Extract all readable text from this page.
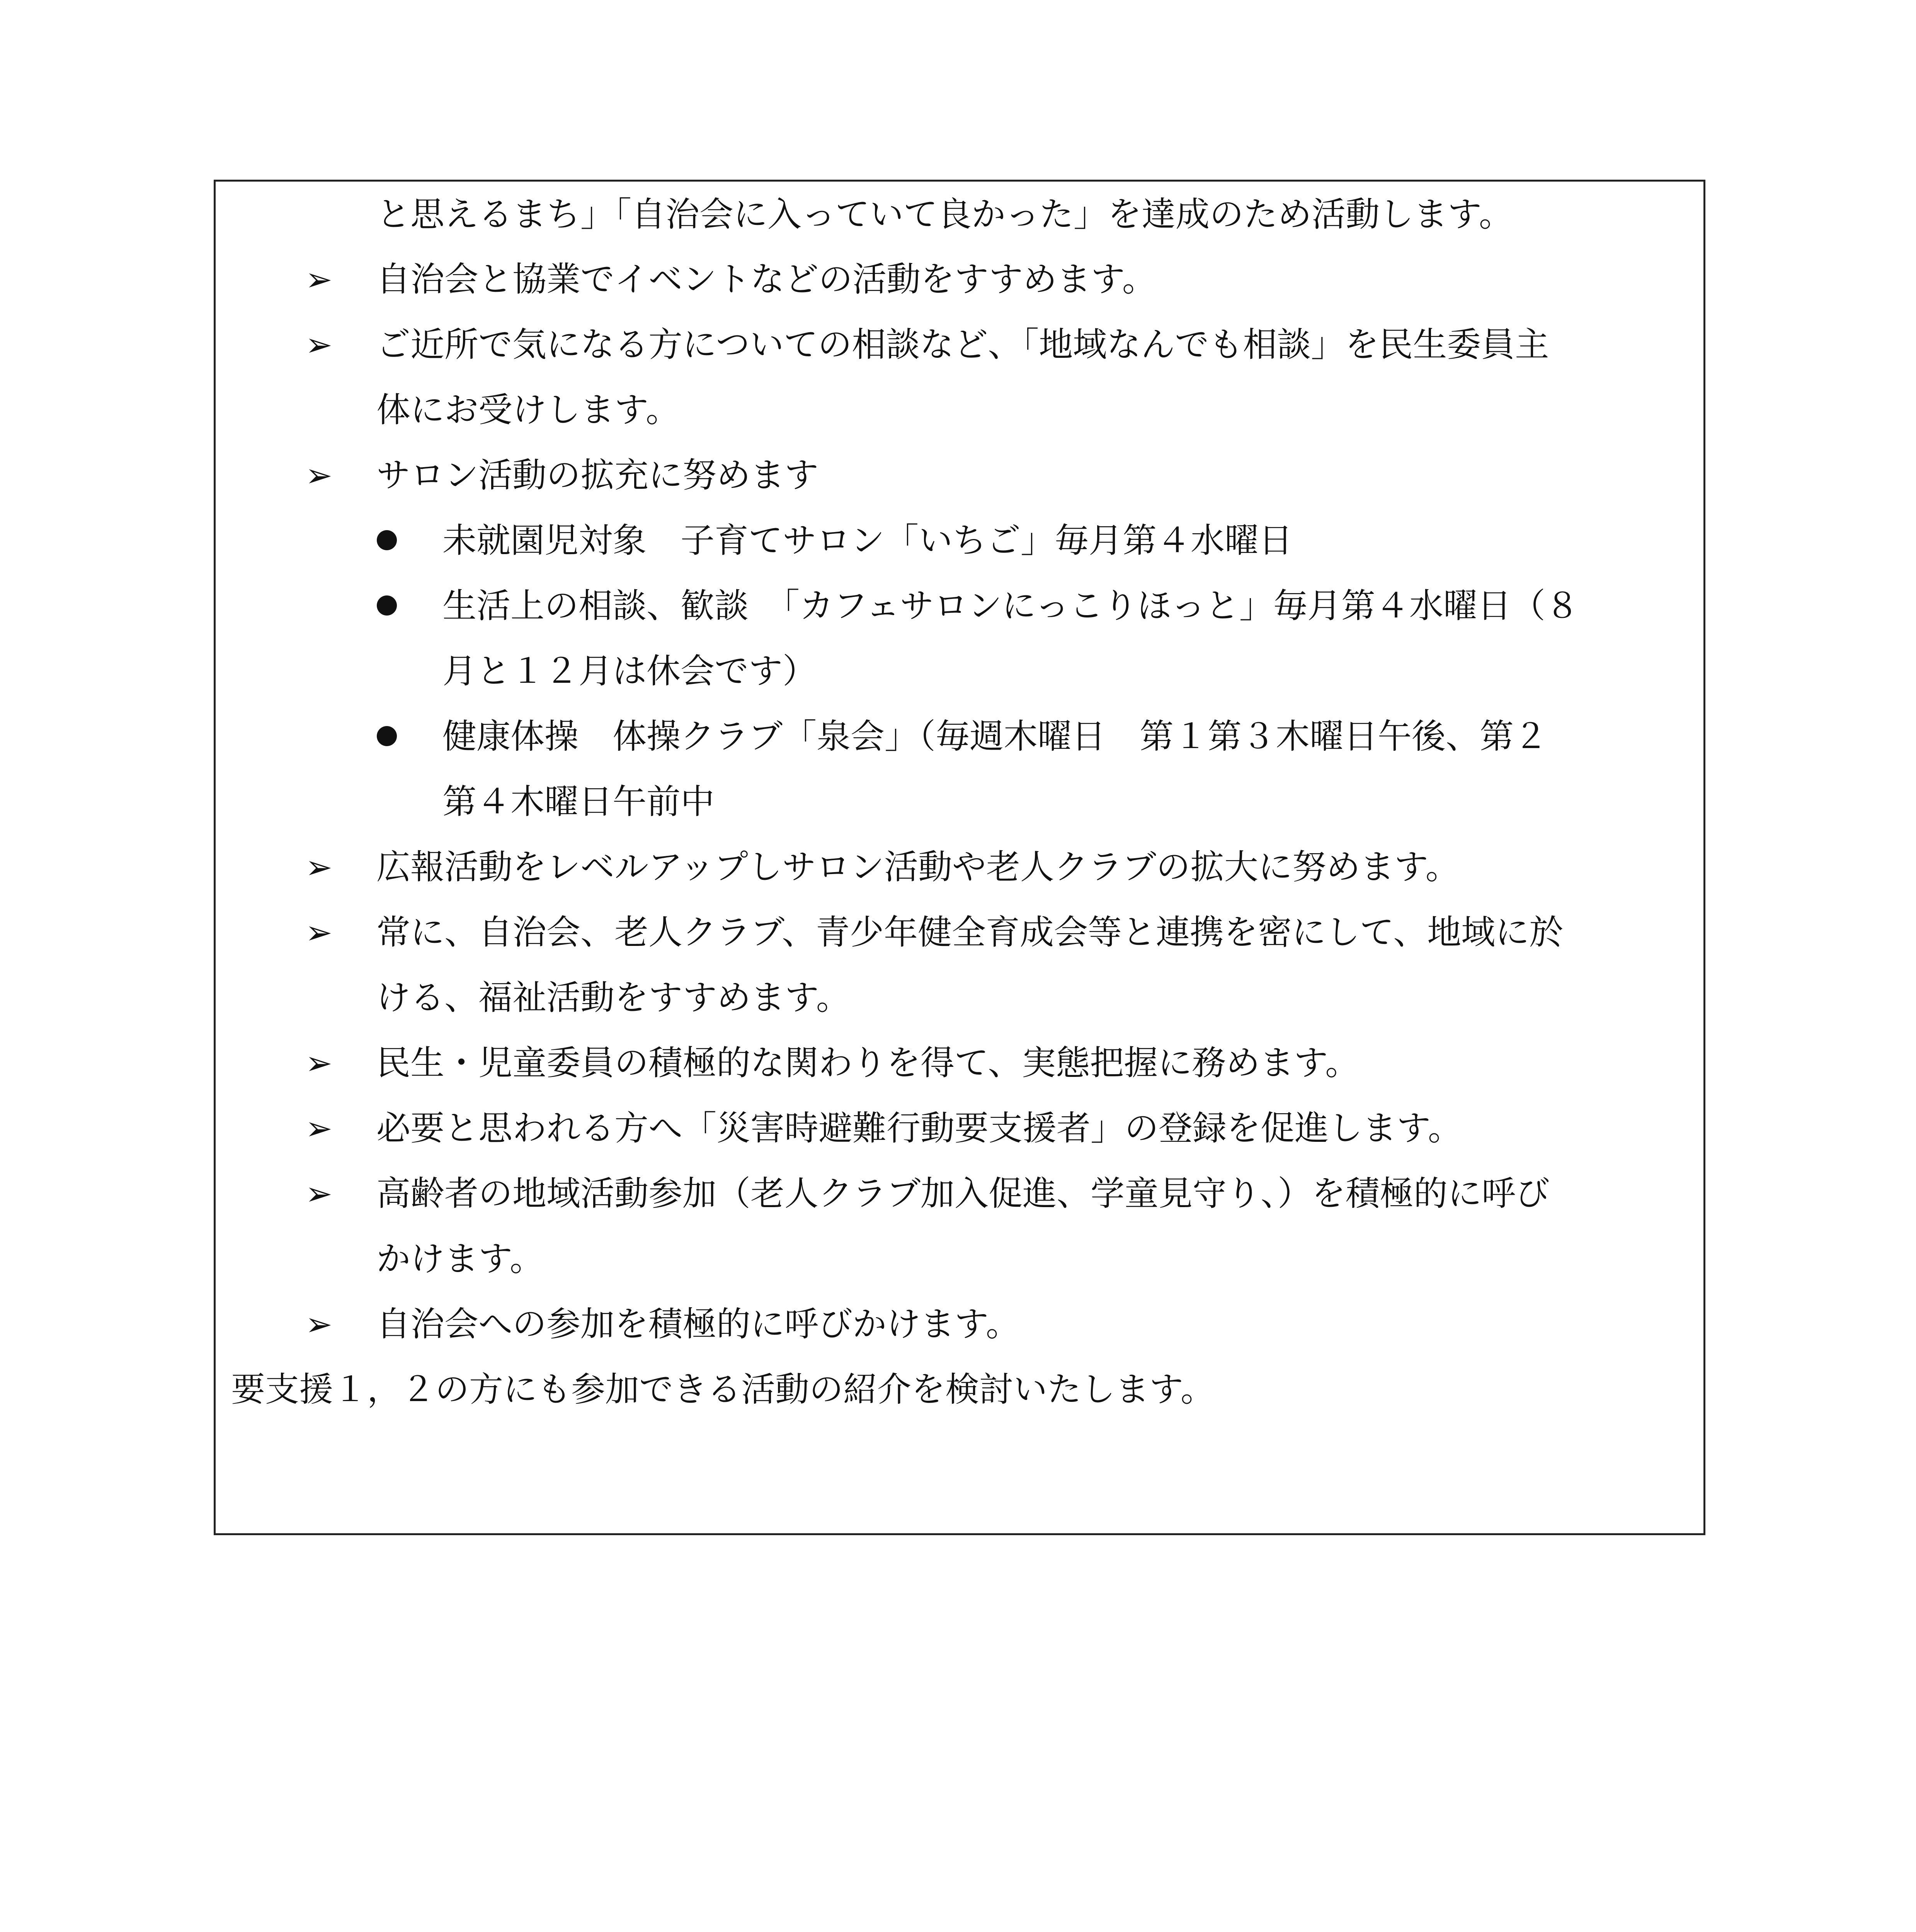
と思えるまち」「自治会に入っていて良かった」を達成のため活動します。
➢ 自治会と協業でイベントなどの活動をすすめます。
➢ ご近所で気になる方についての相談など、「地域なんでも相談」を民生委員主
体にお受けします。
➢ サロン活動の拡充に努めます
未就園児対象　子育てサロン「いちご」毎月第４水曜日
生活上の相談、歓談　「カフェサロンにっこりほっと」毎月第４水曜日（８
月と１２月は休会です）
健康体操　体操クラブ「泉会」（毎週木曜日　第１第３木曜日午後、第２
第４木曜日午前中
➢ 広報活動をレベルアップしサロン活動や老人クラブの拡大に努めます。
➢ 常に、自治会、老人クラブ、青少年健全育成会等と連携を密にして、地域に於
ける、福祉活動をすすめます。
➢ 民生・児童委員の積極的な関わりを得て、実態把握に務めます。
➢ 必要と思われる方へ「災害時避難行動要支援者」の登録を促進します。
➢ 高齢者の地域活動参加（老人クラブ加入促進、学童見守り、）を積極的に呼び
かけます。
➢ 自治会への参加を積極的に呼びかけます。
要支援１，２の方にも参加できる活動の紹介を検討いたします。
